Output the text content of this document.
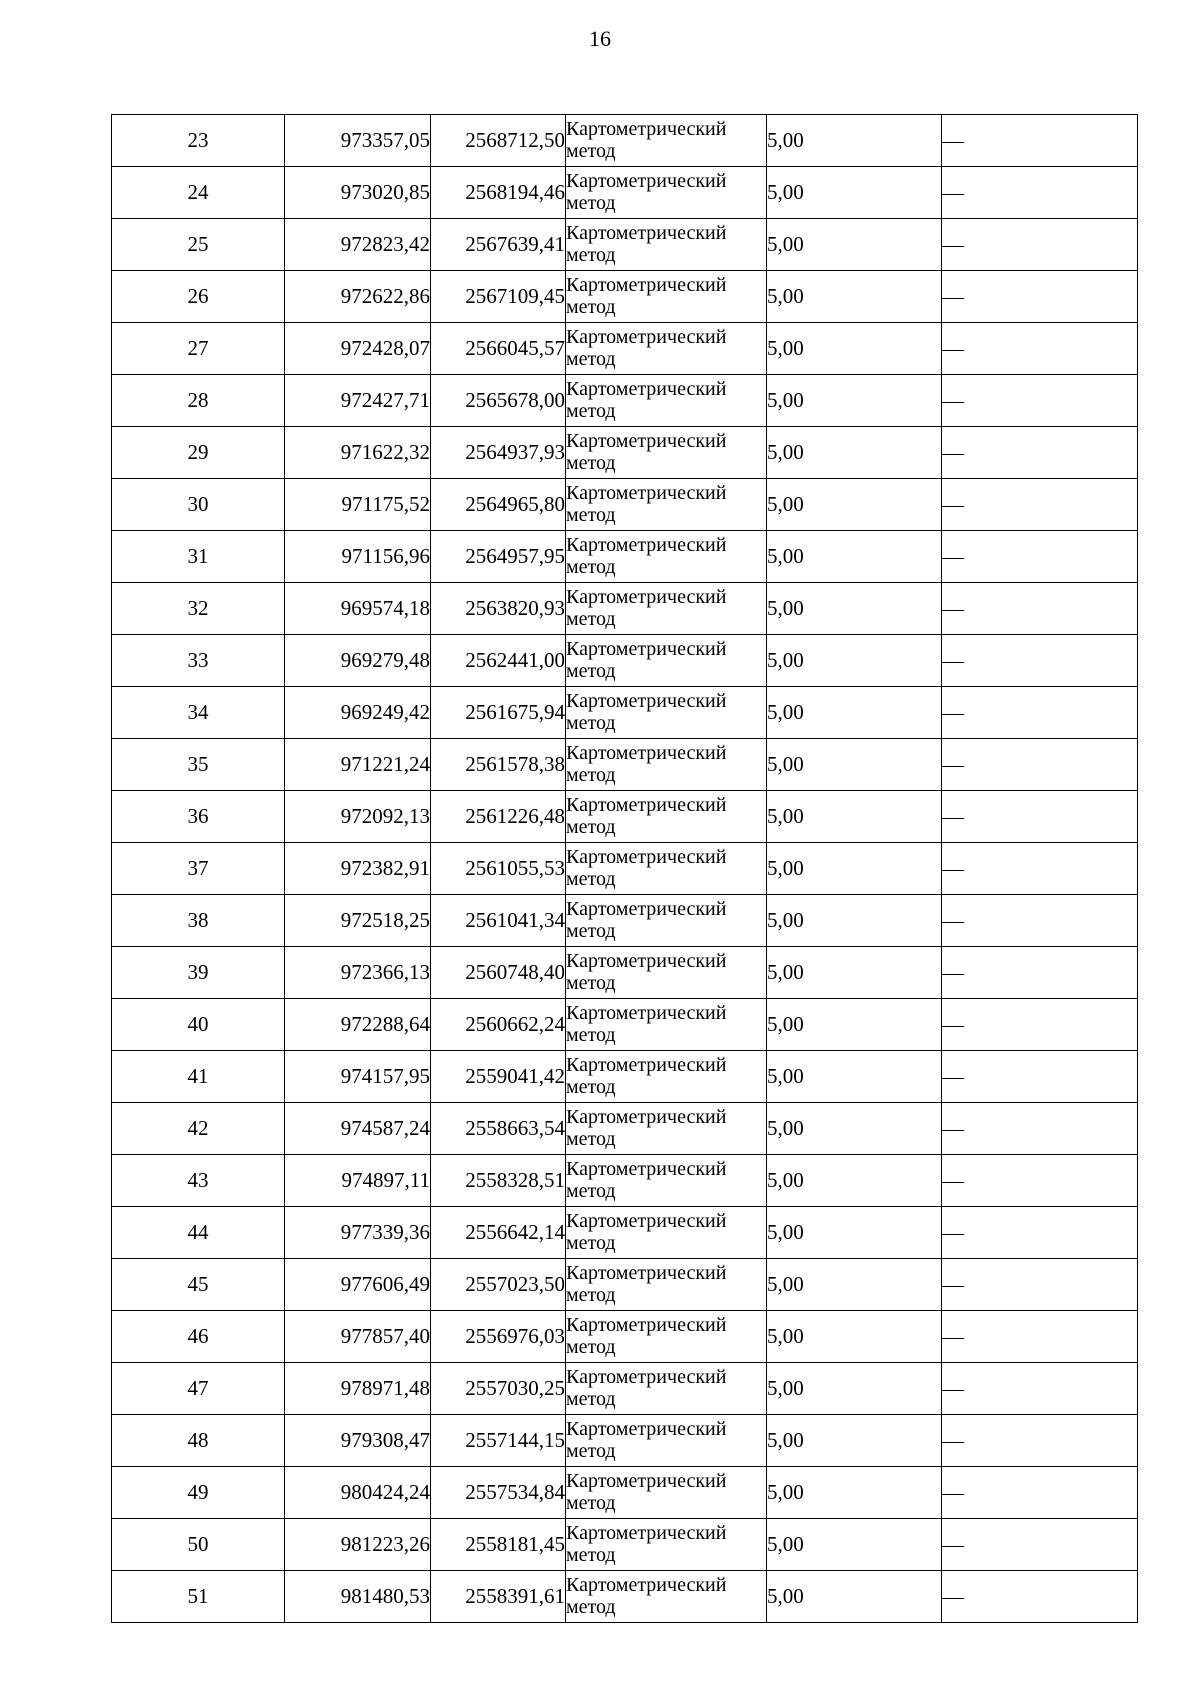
16
23	973357,05	2568712,50	Картометрический
метод	5,00	
24	973020,85	2568194,46	Картометрический
метод	5,00	
25	972823,42	2567639,41	Картометрический
метод	5,00	
26	972622,86	2567109,45	Картометрический
метод	5,00	
27	972428,07	2566045,57	Картометрический
метод	5,00	
28	972427,71	2565678,00	Картометрический
метод	5,00	
29	971622,32	2564937,93	Картометрический
метод	5,00	
30	971175,52	2564965,80	Картометрический
метод	5,00	
31	971156,96	2564957,95	Картометрический
метод	5,00	
32	969574,18	2563820,93	Картометрический
метод	5,00	
33	969279,48	2562441,00	Картометрический
метод	5,00	
34	969249,42	2561675,94	Картометрический
метод	5,00	
35	971221,24	2561578,38	Картометрический
метод	5,00	
36	972092,13	2561226,48	Картометрический
метод	5,00	
37	972382,91	2561055,53	Картометрический
метод	5,00	
38	972518,25	2561041,34	Картометрический
метод	5,00	
39	972366,13	2560748,40	Картометрический
метод	5,00	
40	972288,64	2560662,24	Картометрический
метод	5,00	
41	974157,95	2559041,42	Картометрический
метод	5,00	
42	974587,24	2558663,54	Картометрический
метод	5,00	
43	974897,11	2558328,51	Картометрический
метод	5,00	
44	977339,36	2556642,14	Картометрический
метод	5,00	
45	977606,49	2557023,50	Картометрический
метод	5,00	
46	977857,40	2556976,03	Картометрический
метод	5,00	
47	978971,48	2557030,25	Картометрический
метод	5,00	
48	979308,47	2557144,15	Картометрический
метод	5,00	
49	980424,24	2557534,84	Картометрический
метод	5,00	
50	981223,26	2558181,45	Картометрический
метод	5,00	
51	981480,53	2558391,61	Картометрический
метод	5,00	
